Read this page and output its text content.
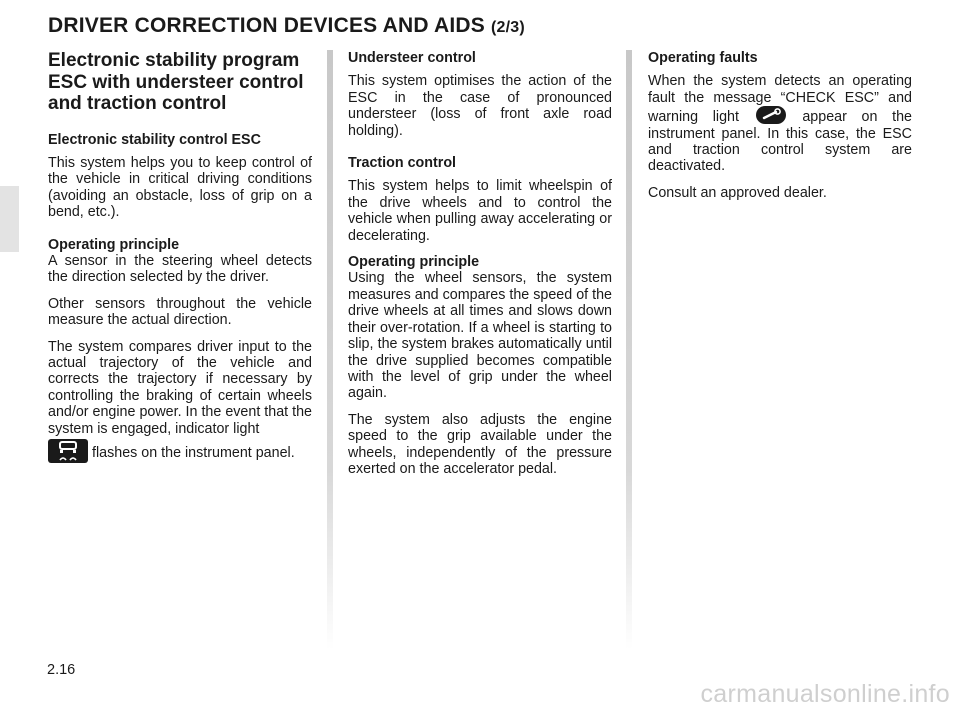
DRIVER CORRECTION DEVICES AND AIDS (2/3)
Electronic stability program ESC with understeer control and traction control
Electronic stability control ESC

This system helps you to keep control of the vehicle in critical driving conditions (avoiding an obstacle, loss of grip on a bend, etc.).

Operating principle

A sensor in the steering wheel detects the direction selected by the driver.

Other sensors throughout the vehicle measure the actual direction.

The system compares driver input to the actual trajectory of the vehicle and corrects the trajectory if necessary by controlling the braking of certain wheels and/or engine power. In the event that the system is engaged, indicator light

flashes on the instrument panel.

Understeer control

This system optimises the action of the ESC in the case of pronounced understeer (loss of front axle road holding).

Traction control

This system helps to limit wheelspin of the drive wheels and to control the vehicle when pulling away accelerating or decelerating.

Operating principle

Using the wheel sensors, the system measures and compares the speed of the drive wheels at all times and slows down their over-rotation. If a wheel is starting to slip, the system brakes automatically until the drive supplied becomes compatible with the level of grip under the wheel again.

The system also adjusts the engine speed to the grip available under the wheels, independently of the pressure exerted on the accelerator pedal.

Operating faults

When the system detects an operating fault the message “CHECK ESC” and warning light	appear on the instrument panel. In this case, the ESC and traction control system are deactivated.

Consult an approved dealer.

2.16
carmanualsonline.info
